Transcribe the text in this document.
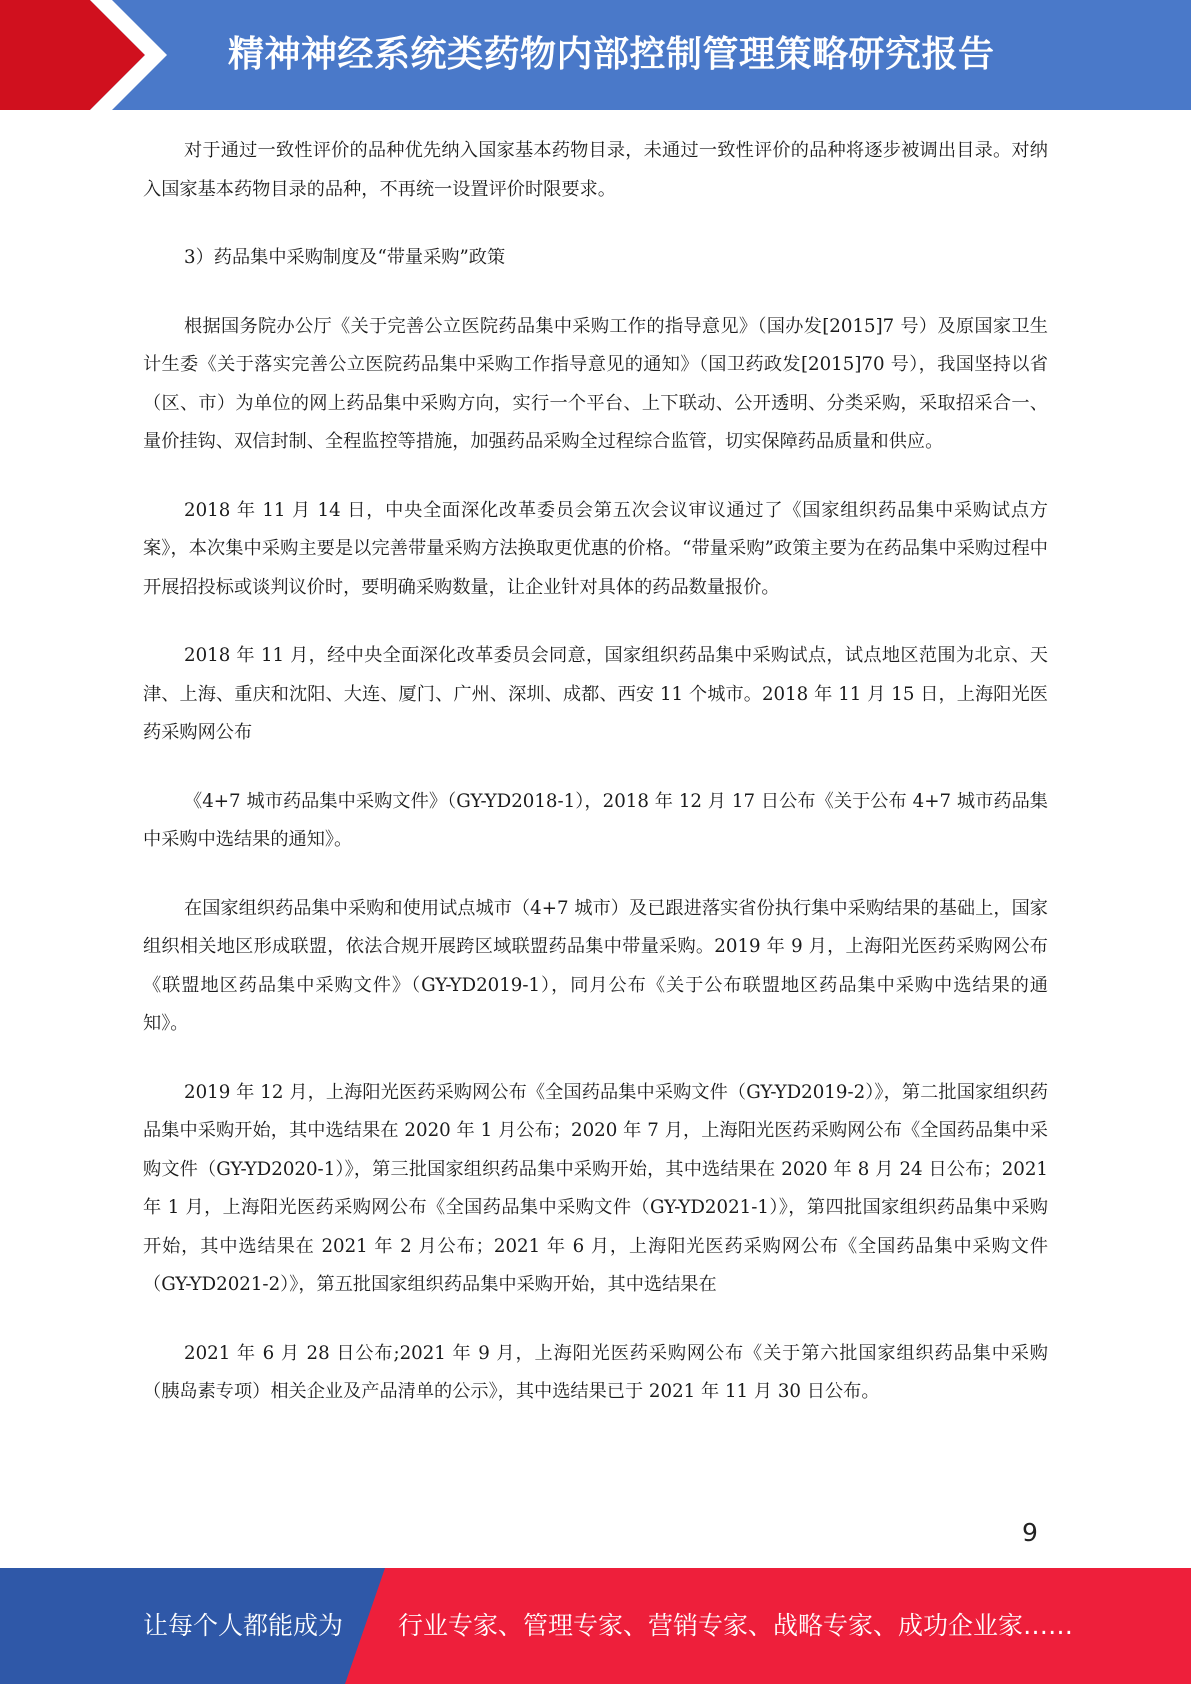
精神神经系统类药物内部控制管理策略研究报告

对于通过一致性评价的品种优先纳入国家基本药物目录，未通过一致性评价的品种将逐步被调出目录。对纳入国家基本药物目录的品种，不再统一设置评价时限要求。

3）药品集中采购制度及“带量采购”政策

根据国务院办公厅《关于完善公立医院药品集中采购工作的指导意见》（国办发[2015]7 号）及原国家卫生计生委《关于落实完善公立医院药品集中采购工作指导意见的通知》（国卫药政发[2015]70 号），我国坚持以省（区、市）为单位的网上药品集中采购方向，实行一个平台、上下联动、公开透明、分类采购，采取招采合一、量价挂钩、双信封制、全程监控等措施，加强药品采购全过程综合监管，切实保障药品质量和供应。

2018 年 11 月 14 日，中央全面深化改革委员会第五次会议审议通过了《国家组织药品集中采购试点方案》，本次集中采购主要是以完善带量采购方法换取更优惠的价格。“带量采购”政策主要为在药品集中采购过程中开展招投标或谈判议价时，要明确采购数量，让企业针对具体的药品数量报价。

2018 年 11 月，经中央全面深化改革委员会同意，国家组织药品集中采购试点，试点地区范围为北京、天津、上海、重庆和沈阳、大连、厦门、广州、深圳、成都、西安 11 个城市。2018 年 11 月 15 日，上海阳光医药采购网公布

《4+7 城市药品集中采购文件》（GY-YD2018-1），2018 年 12 月 17 日公布《关于公布 4+7 城市药品集中采购中选结果的通知》。

在国家组织药品集中采购和使用试点城市（4+7 城市）及已跟进落实省份执行集中采购结果的基础上，国家组织相关地区形成联盟，依法合规开展跨区域联盟药品集中带量采购。2019 年 9 月，上海阳光医药采购网公布《联盟地区药品集中采购文件》（GY-YD2019-1），同月公布《关于公布联盟地区药品集中采购中选结果的通知》。

2019 年 12 月，上海阳光医药采购网公布《全国药品集中采购文件（GY-YD2019-2）》，第二批国家组织药品集中采购开始，其中选结果在 2020 年 1 月公布；2020 年 7 月，上海阳光医药采购网公布《全国药品集中采购文件（GY-YD2020-1）》，第三批国家组织药品集中采购开始，其中选结果在 2020 年 8 月 24 日公布；2021 年 1 月，上海阳光医药采购网公布《全国药品集中采购文件（GY-YD2021-1）》，第四批国家组织药品集中采购开始，其中选结果在 2021 年 2 月公布；2021 年 6 月，上海阳光医药采购网公布《全国药品集中采购文件（GY-YD2021-2）》，第五批国家组织药品集中采购开始，其中选结果在

2021 年 6 月 28 日公布;2021 年 9 月，上海阳光医药采购网公布《关于第六批国家组织药品集中采购（胰岛素专项）相关企业及产品清单的公示》，其中选结果已于 2021 年 11 月 30 日公布。

9
让每个人都能成为 行业专家、管理专家、营销专家、战略专家、成功企业家……
